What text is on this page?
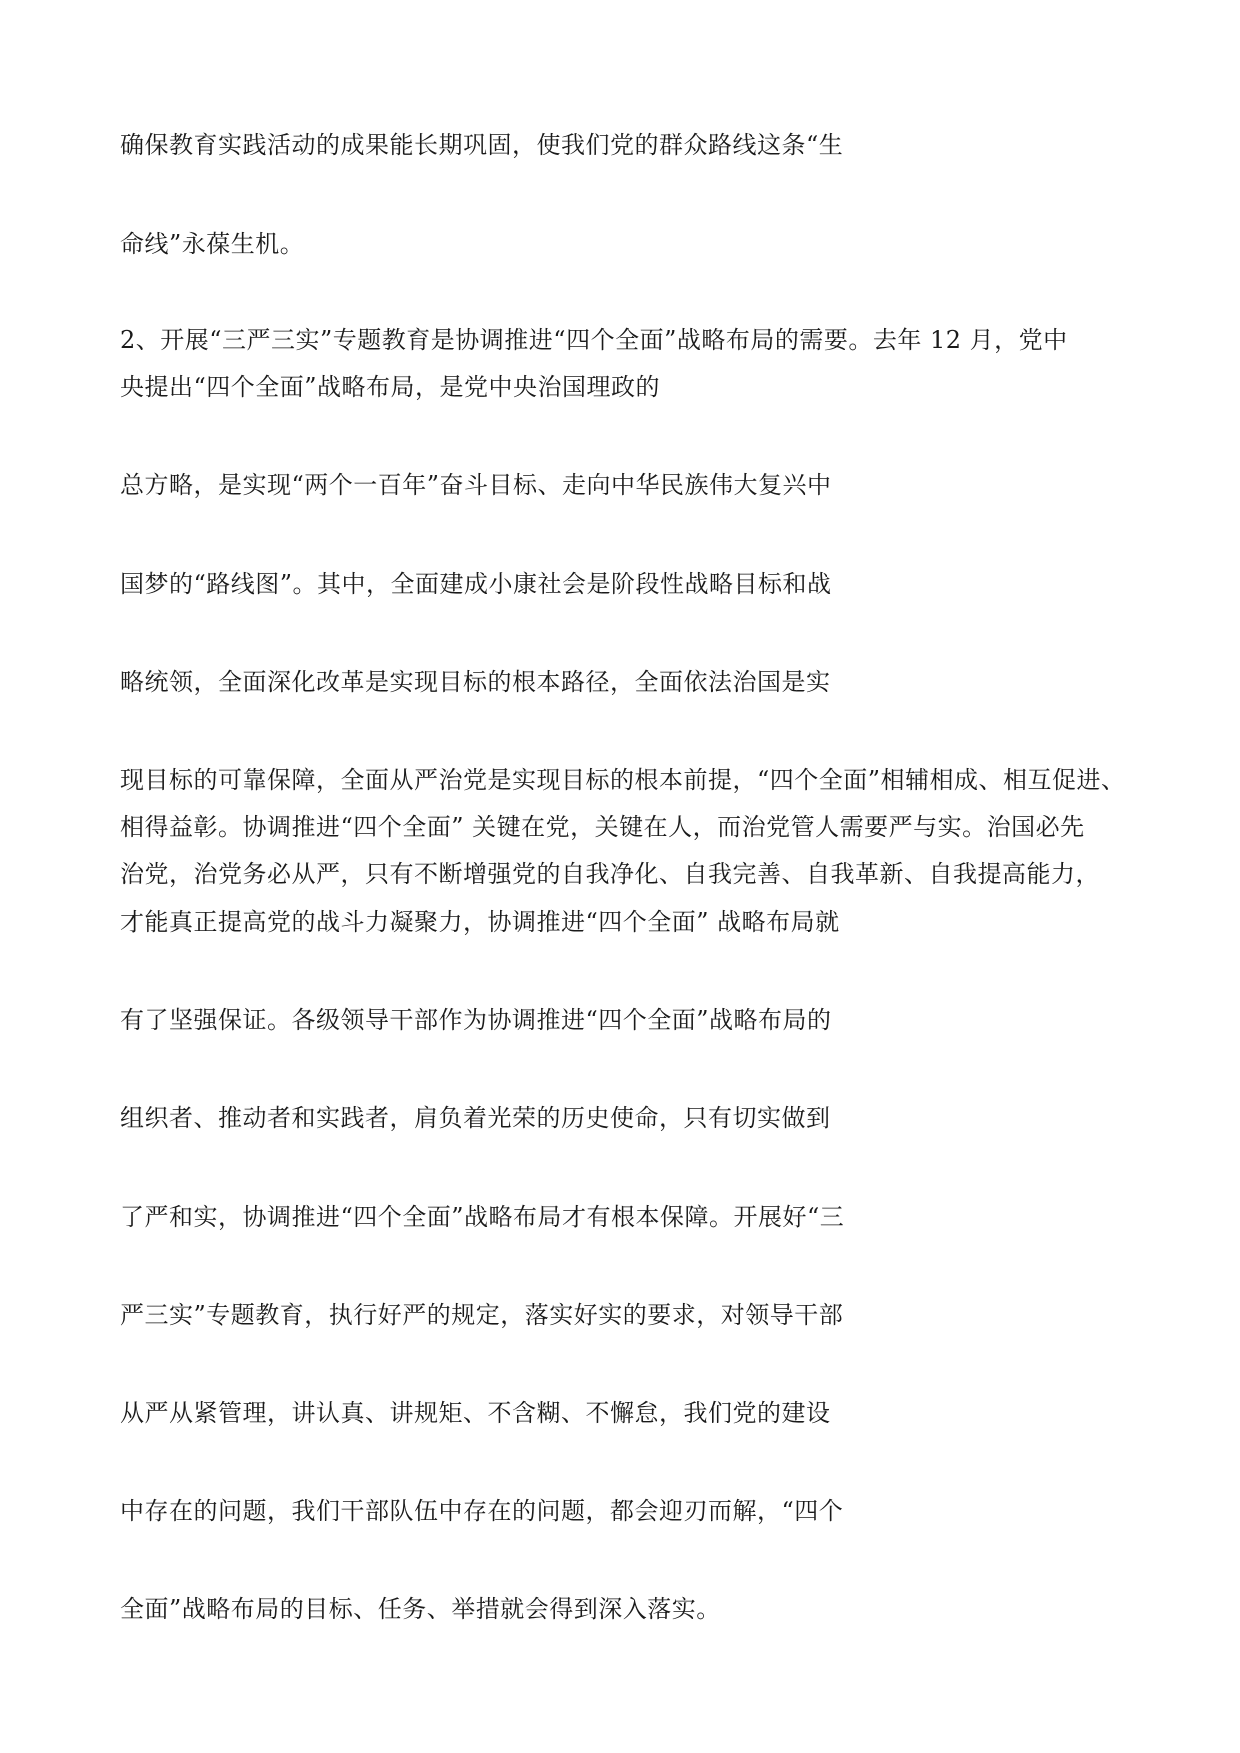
确保教育实践活动的成果能长期巩固，使我们党的群众路线这条“生
命线”永葆生机。
2、开展“三严三实”专题教育是协调推进“四个全面”战略布局的需要。去年 12 月，党中
央提出“四个全面”战略布局，是党中央治国理政的
总方略，是实现“两个一百年”奋斗目标、走向中华民族伟大复兴中
国梦的“路线图”。其中，全面建成小康社会是阶段性战略目标和战
略统领，全面深化改革是实现目标的根本路径，全面依法治国是实
现目标的可靠保障，全面从严治党是实现目标的根本前提，“四个全面”相辅相成、相互促进、
相得益彰。协调推进“四个全面” 关键在党，关键在人，而治党管人需要严与实。治国必先
治党，治党务必从严，只有不断增强党的自我净化、自我完善、自我革新、自我提高能力，
才能真正提高党的战斗力凝聚力，协调推进“四个全面” 战略布局就
有了坚强保证。各级领导干部作为协调推进“四个全面”战略布局的
组织者、推动者和实践者，肩负着光荣的历史使命，只有切实做到
了严和实，协调推进“四个全面”战略布局才有根本保障。开展好“三
严三实”专题教育，执行好严的规定，落实好实的要求，对领导干部
从严从紧管理，讲认真、讲规矩、不含糊、不懈怠，我们党的建设
中存在的问题，我们干部队伍中存在的问题，都会迎刃而解，“四个
全面”战略布局的目标、任务、举措就会得到深入落实。
